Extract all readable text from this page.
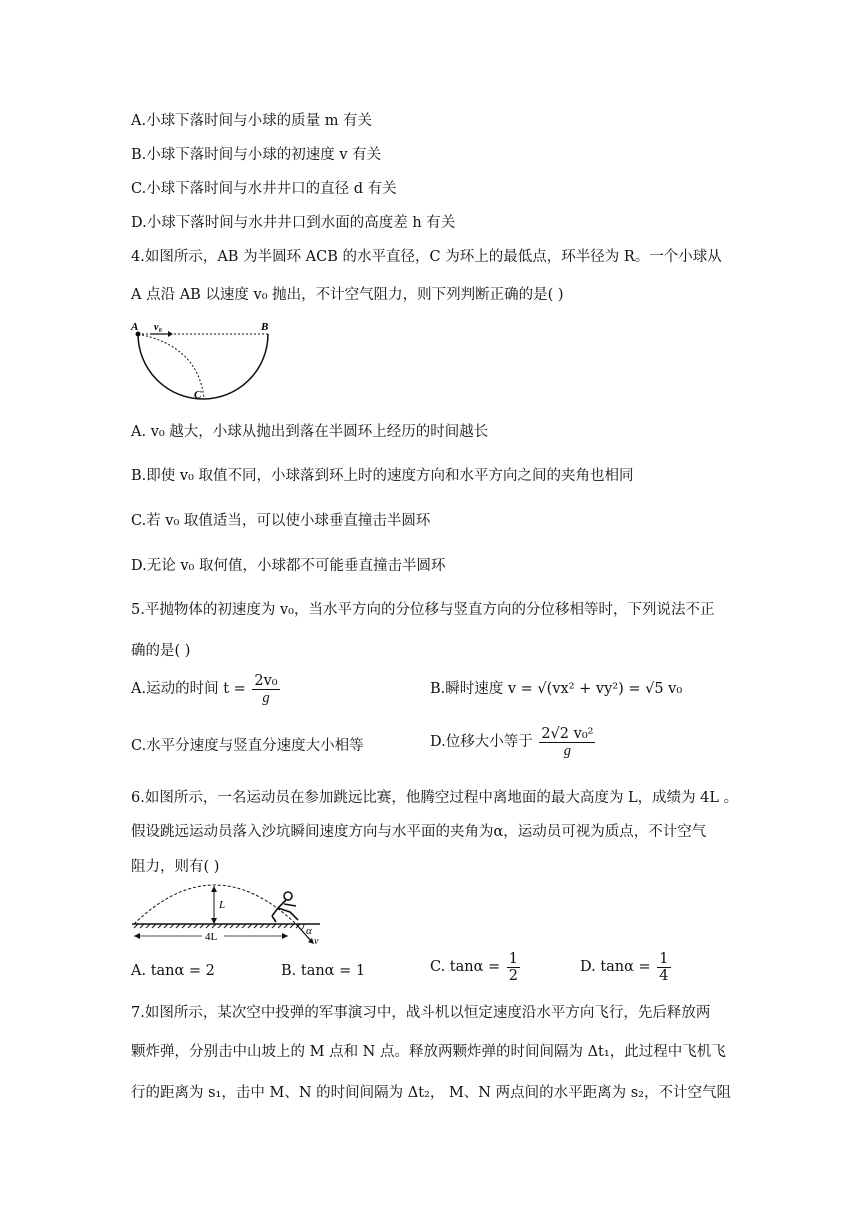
A.小球下落时间与小球的质量 m 有关
B.小球下落时间与小球的初速度 v 有关
C.小球下落时间与水井井口的直径 d 有关
D.小球下落时间与水井井口到水面的高度差 h 有关
4.如图所示，AB 为半圆环 ACB 的水平直径，C 为环上的最低点，环半径为 R。一个小球从
A 点沿 AB 以速度 v₀ 抛出，不计空气阻力，则下列判断正确的是( )
A v₀	B
C
A. v₀ 越大，小球从抛出到落在半圆环上经历的时间越长
B.即使 v₀ 取值不同，小球落到环上时的速度方向和水平方向之间的夹角也相同
C.若 v₀ 取值适当，可以使小球垂直撞击半圆环
D.无论 v₀ 取何值，小球都不可能垂直撞击半圆环
5.平抛物体的初速度为 v₀，当水平方向的分位移与竖直方向的分位移相等时，下列说法不正
确的是( )
A.运动的时间 $t = \frac{\text{2v₀}}{g}$	B.瞬时速度 v = √(vx² + vy²) = √5 v₀
C.水平分速度与竖直分速度大小相等	D.位移大小等于 $\frac{\text{2√2 v₀²}}{g}$
6.如图所示，一名运动员在参加跳远比赛，他腾空过程中离地面的最大高度为 L，成绩为 4L 。
假设跳远运动员落入沙坑瞬间速度方向与水平面的夹角为α，运动员可视为质点，不计空气
阻力，则有( )
L
4L	α
v
A. tanα = 2	B. tanα = 1	C. $\tan\alpha = \frac{1}{2}$	D. $\tan\alpha = \frac{1}{4}$
7.如图所示，某次空中投弹的军事演习中，战斗机以恒定速度沿水平方向飞行，先后释放两
颗炸弹，分别击中山坡上的 M 点和 N 点。释放两颗炸弹的时间间隔为 Δt₁，此过程中飞机飞
行的距离为 s₁，击中 M、N 的时间间隔为 Δt₂， M、N 两点间的水平距离为 s₂，不计空气阻
